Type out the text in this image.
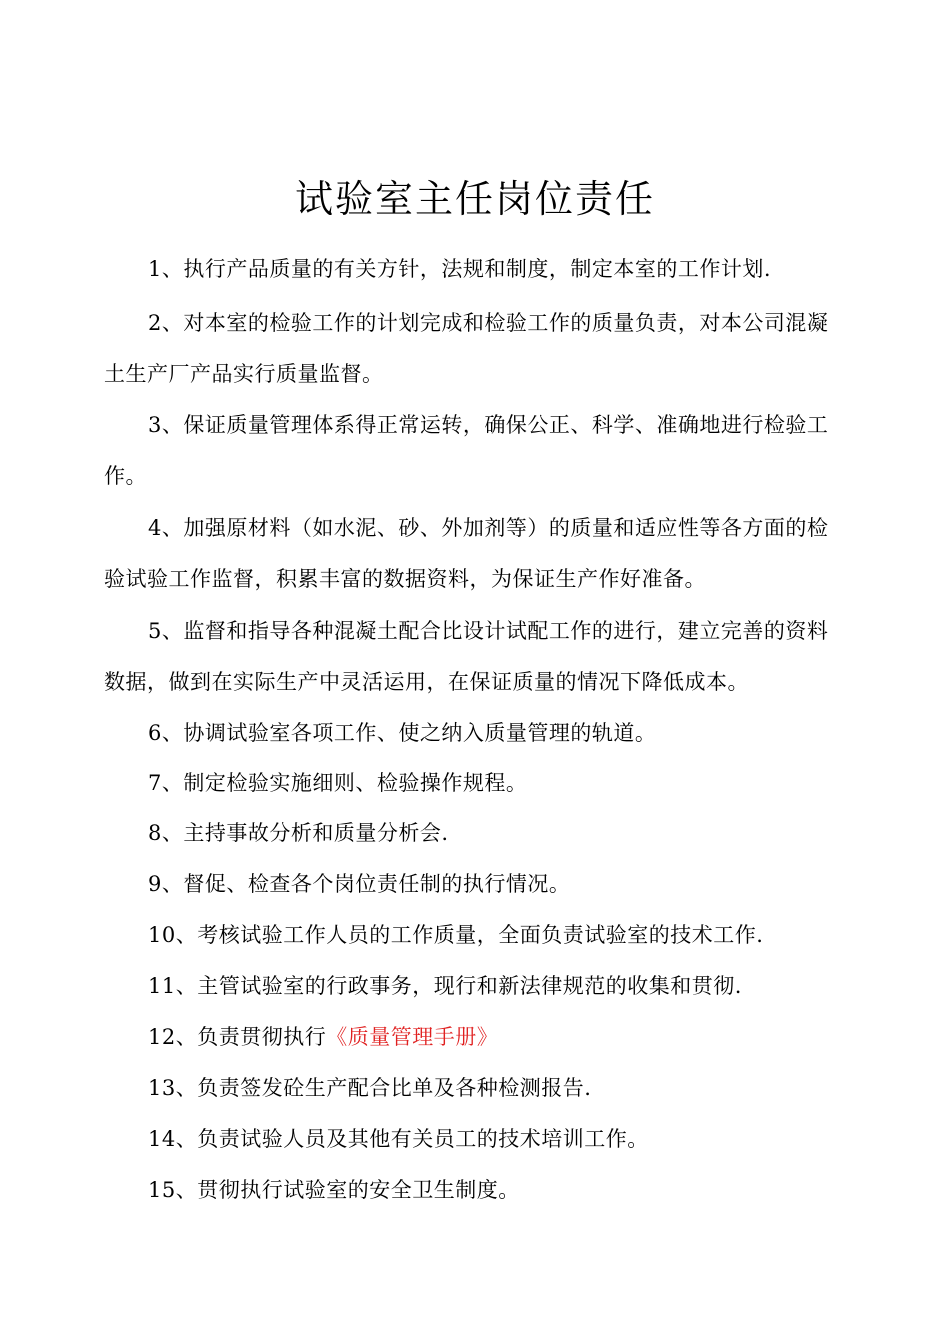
试验室主任岗位责任
1、执行产品质量的有关方针，法规和制度，制定本室的工作计划.
2、对本室的检验工作的计划完成和检验工作的质量负责，对本公司混凝土生产厂产品实行质量监督。
3、保证质量管理体系得正常运转，确保公正、科学、准确地进行检验工作。
4、加强原材料（如水泥、砂、外加剂等）的质量和适应性等各方面的检验试验工作监督，积累丰富的数据资料，为保证生产作好准备。
5、监督和指导各种混凝土配合比设计试配工作的进行，建立完善的资料数据，做到在实际生产中灵活运用，在保证质量的情况下降低成本。
6、协调试验室各项工作、使之纳入质量管理的轨道。
7、制定检验实施细则、检验操作规程。
8、主持事故分析和质量分析会.
9、督促、检查各个岗位责任制的执行情况。
10、考核试验工作人员的工作质量，全面负责试验室的技术工作.
11、主管试验室的行政事务，现行和新法律规范的收集和贯彻.
12、负责贯彻执行《质量管理手册》
13、负责签发砼生产配合比单及各种检测报告.
14、负责试验人员及其他有关员工的技术培训工作。
15、贯彻执行试验室的安全卫生制度。
